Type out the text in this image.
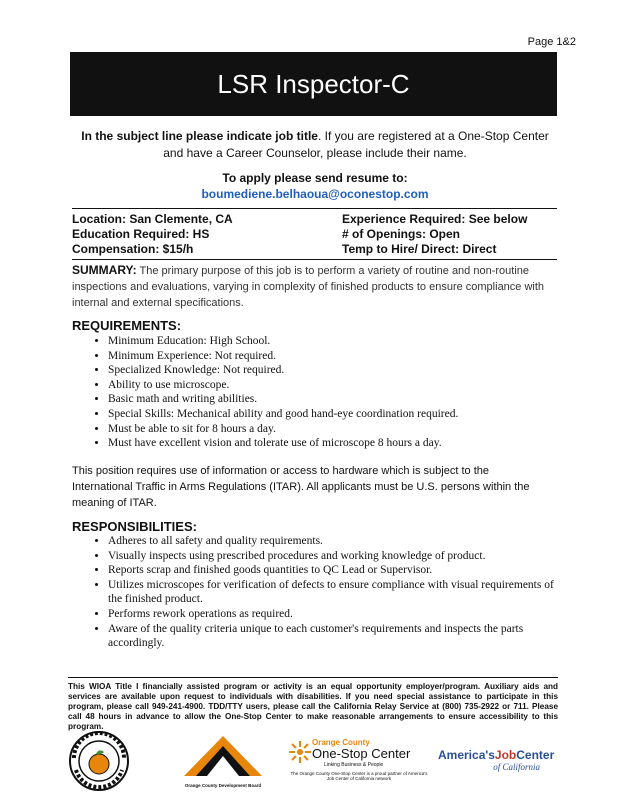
Page 1&2
LSR Inspector-C
In the subject line please indicate job title. If you are registered at a One-Stop Center and have a Career Counselor, please include their name.
To apply please send resume to:
boumediene.belhaoua@oconestop.com
Location: San Clemente, CA	Experience Required: See below
Education Required: HS	# of Openings: Open
Compensation: $15/h	Temp to Hire/ Direct: Direct
SUMMARY: The primary purpose of this job is to perform a variety of routine and non-routine inspections and evaluations, varying in complexity of finished products to ensure compliance with internal and external specifications.
REQUIREMENTS:
• Minimum Education: High School.
• Minimum Experience: Not required.
• Specialized Knowledge: Not required.
• Ability to use microscope.
• Basic math and writing abilities.
• Special Skills: Mechanical ability and good hand-eye coordination required.
• Must be able to sit for 8 hours a day.
• Must have excellent vision and tolerate use of microscope 8 hours a day.
This position requires use of information or access to hardware which is subject to the International Traffic in Arms Regulations (ITAR). All applicants must be U.S. persons within the meaning of ITAR.
RESPONSIBILITIES:
• Adheres to all safety and quality requirements.
• Visually inspects using prescribed procedures and working knowledge of product.
• Reports scrap and finished goods quantities to QC Lead or Supervisor.
• Utilizes microscopes for verification of defects to ensure compliance with visual requirements of the finished product.
• Performs rework operations as required.
• Aware of the quality criteria unique to each customer's requirements and inspects the parts accordingly.
This WIOA Title I financially assisted program or activity is an equal opportunity employer/program. Auxiliary aids and services are available upon request to individuals with disabilities. If you need special assistance to participate in this program, please call 949-241-4900. TDD/TTY users, please call the California Relay Service at (800) 735-2922 or 711. Please call 48 hours in advance to allow the One-Stop Center to make reasonable arrangements to ensure accessibility to this program.
Orange County Development Board
Orange County
One-Stop Center
Linking Business & People
The Orange County One-Stop Center is a proud partner of America's Job Center of California network
America'sJobCenter
of California
